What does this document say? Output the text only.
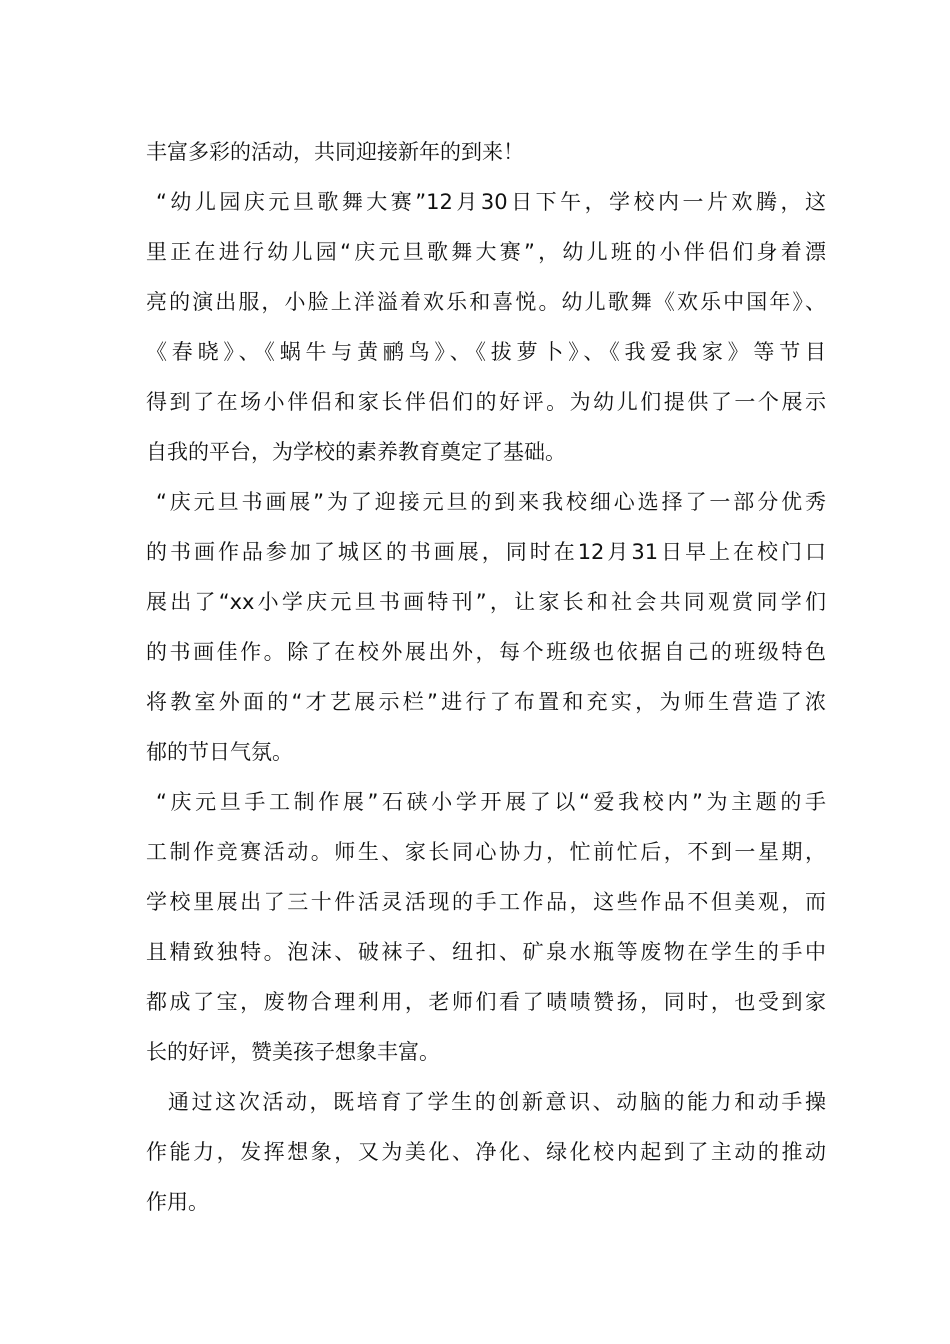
丰富多彩的活动，共同迎接新年的到来！
“幼儿园庆元旦歌舞大赛”12月30日下午，学校内一片欢腾，这
里正在进行幼儿园“庆元旦歌舞大赛”，幼儿班的小伴侣们身着漂
亮的演出服，小脸上洋溢着欢乐和喜悦。幼儿歌舞《欢乐中国年》、
《春晓》、《蜗牛与黄鹂鸟》、《拔萝卜》、《我爱我家》等节目
得到了在场小伴侣和家长伴侣们的好评。为幼儿们提供了一个展示
自我的平台，为学校的素养教育奠定了基础。
“庆元旦书画展”为了迎接元旦的到来我校细心选择了一部分优秀
的书画作品参加了城区的书画展，同时在12月31日早上在校门口
展出了“xx小学庆元旦书画特刊”，让家长和社会共同观赏同学们
的书画佳作。除了在校外展出外，每个班级也依据自己的班级特色
将教室外面的“才艺展示栏”进行了布置和充实，为师生营造了浓
郁的节日气氛。
“庆元旦手工制作展”石硖小学开展了以“爱我校内”为主题的手
工制作竞赛活动。师生、家长同心协力，忙前忙后，不到一星期，
学校里展出了三十件活灵活现的手工作品，这些作品不但美观，而
且精致独特。泡沫、破袜子、纽扣、矿泉水瓶等废物在学生的手中
都成了宝，废物合理利用，老师们看了啧啧赞扬，同时，也受到家
长的好评，赞美孩子想象丰富。
通过这次活动，既培育了学生的创新意识、动脑的能力和动手操
作能力，发挥想象，又为美化、净化、绿化校内起到了主动的推动
作用。
